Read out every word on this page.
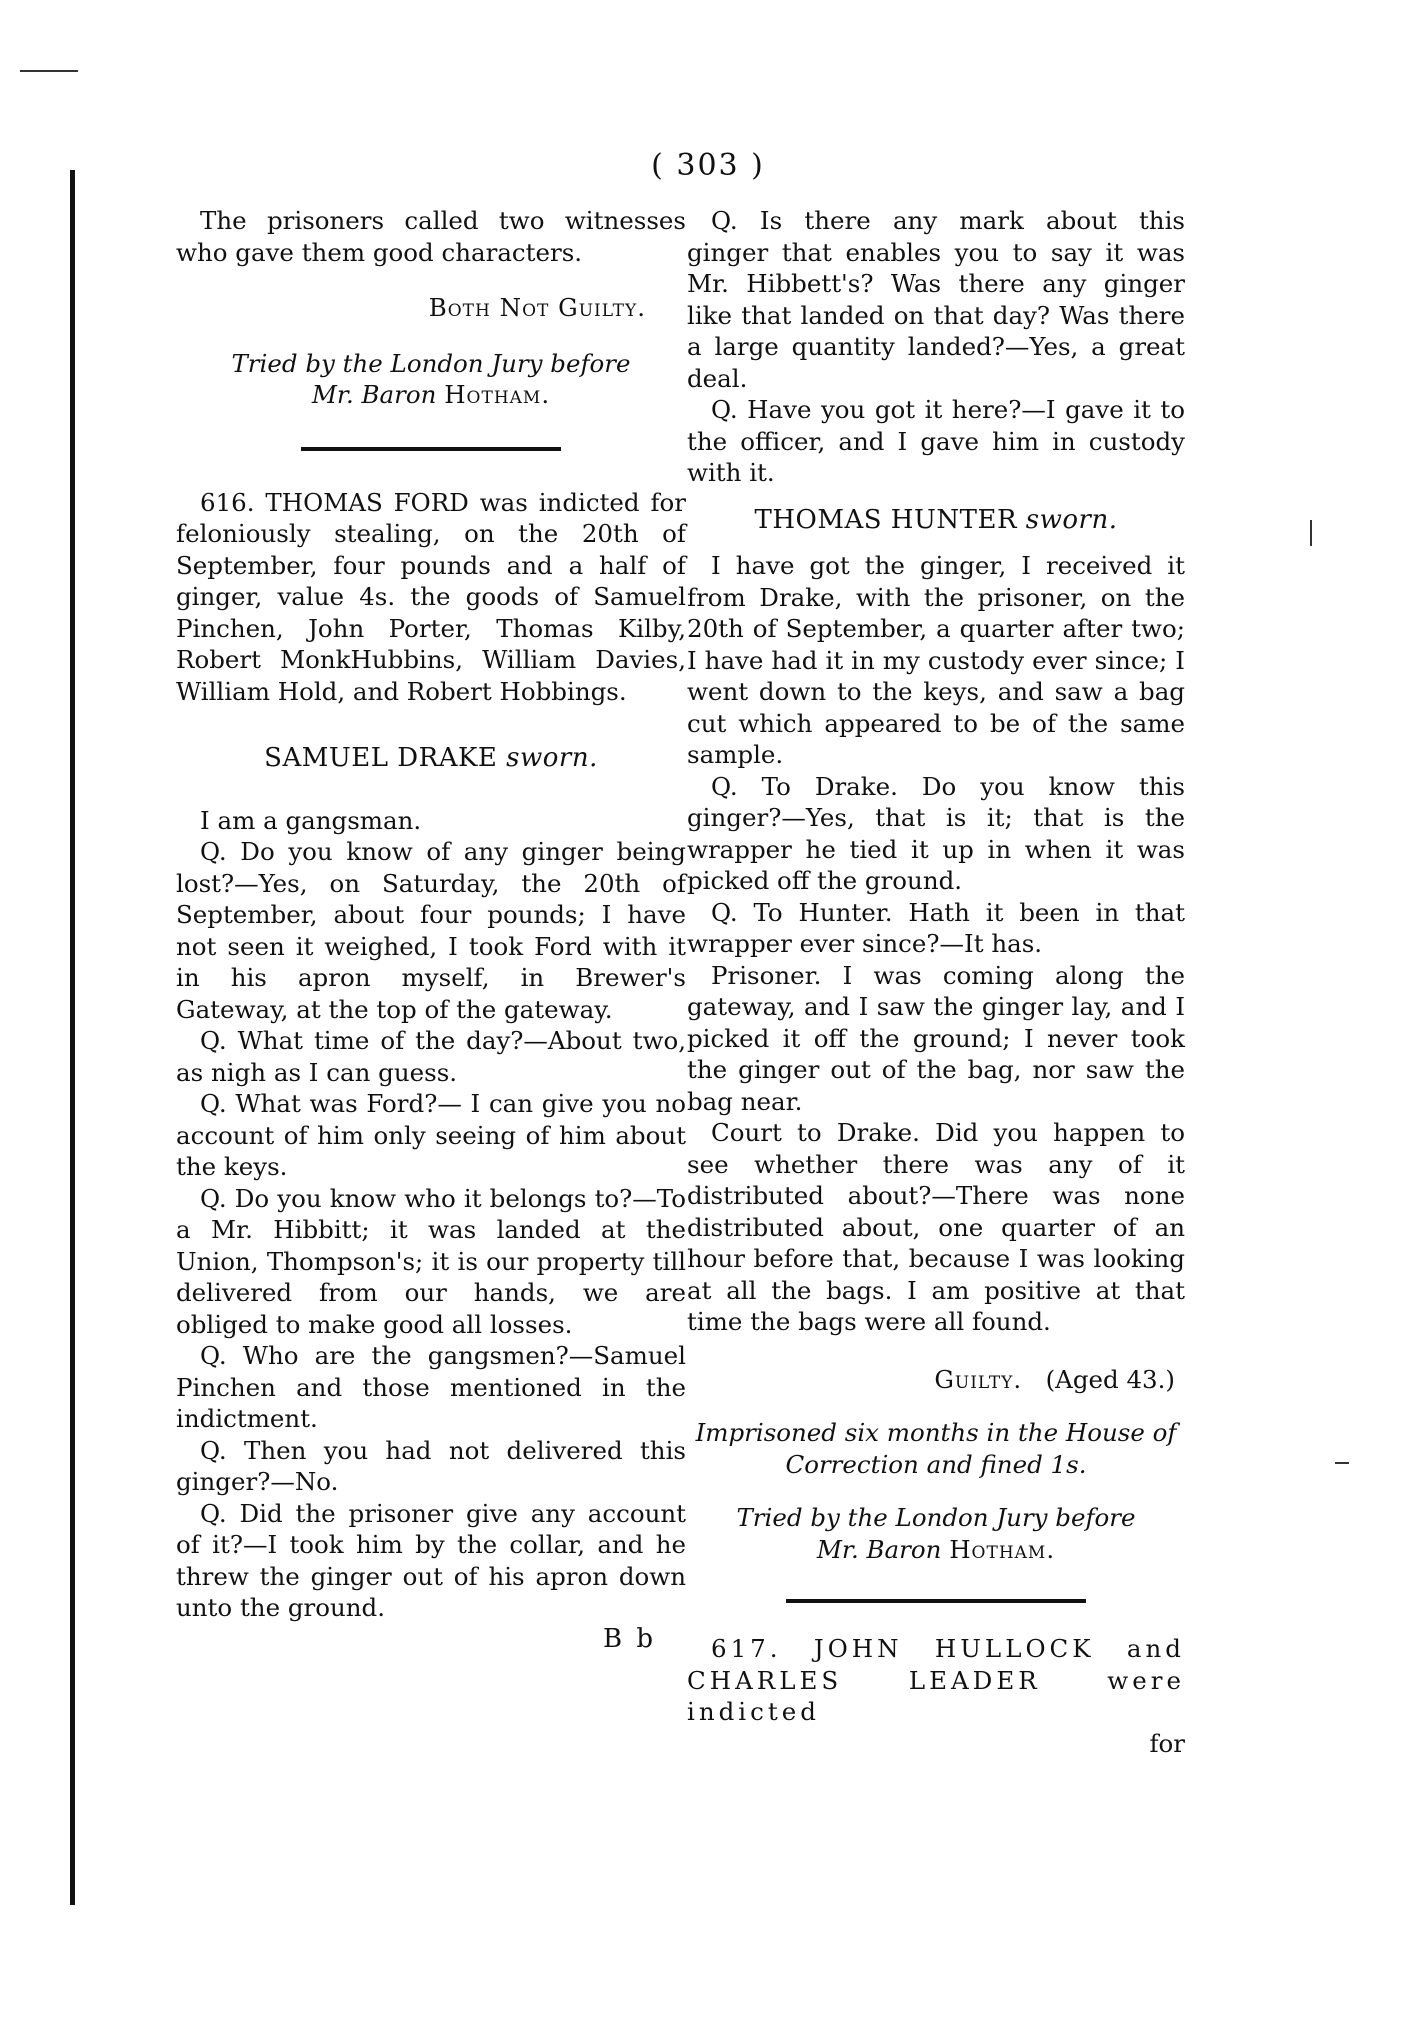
( 303 )

The prisoners called two witnesses who gave them good characters.

Both Not Guilty.

Tried by the London Jury before

Mr. Baron Hotham.

616. THOMAS FORD was indicted for feloniously stealing, on the 20th of September, four pounds and a half of ginger, value 4s. the goods of Samuel Pinchen, John Porter, Thomas Kilby, Robert MonkHubbins, William Davies, William Hold, and Robert Hobbings.

SAMUEL DRAKE sworn.

I am a gangsman.

Q. Do you know of any ginger being lost?—Yes, on Saturday, the 20th of September, about four pounds; I have not seen it weighed, I took Ford with it in his apron myself, in Brewer's Gateway, at the top of the gateway.

Q. What time of the day?—About two, as nigh as I can guess.

Q. What was Ford?— I can give you no account of him only seeing of him about the keys.

Q. Do you know who it belongs to?—To a Mr. Hibbitt; it was landed at the Union, Thompson's; it is our property till delivered from our hands, we are obliged to make good all losses.

Q. Who are the gangsmen?—Samuel Pinchen and those mentioned in the indictment.

Q. Then you had not delivered this ginger?—No.

Q. Did the prisoner give any account of it?—I took him by the collar, and he threw the ginger out of his apron down unto the ground.

B b

Q. Is there any mark about this ginger that enables you to say it was Mr. Hibbett's? Was there any ginger like that landed on that day? Was there a large quantity landed?—Yes, a great deal.

Q. Have you got it here?—I gave it to the officer, and I gave him in custody with it.

THOMAS HUNTER sworn.

I have got the ginger, I received it from Drake, with the prisoner, on the 20th of September, a quarter after two; I have had it in my custody ever since; I went down to the keys, and saw a bag cut which appeared to be of the same sample.

Q. To Drake. Do you know this ginger?—Yes, that is it; that is the wrapper he tied it up in when it was picked off the ground.

Q. To Hunter. Hath it been in that wrapper ever since?—It has.

Prisoner. I was coming along the gateway, and I saw the ginger lay, and I picked it off the ground; I never took the ginger out of the bag, nor saw the bag near.

Court to Drake. Did you happen to see whether there was any of it distributed about?—There was none distributed about, one quarter of an hour before that, because I was looking at all the bags. I am positive at that time the bags were all found.

Guilty. (Aged 43.)

Imprisoned six months in the House of Correction and fined 1s.

Tried by the London Jury before

Mr. Baron Hotham.

617. JOHN HULLOCK and CHARLES LEADER were indicted

for
